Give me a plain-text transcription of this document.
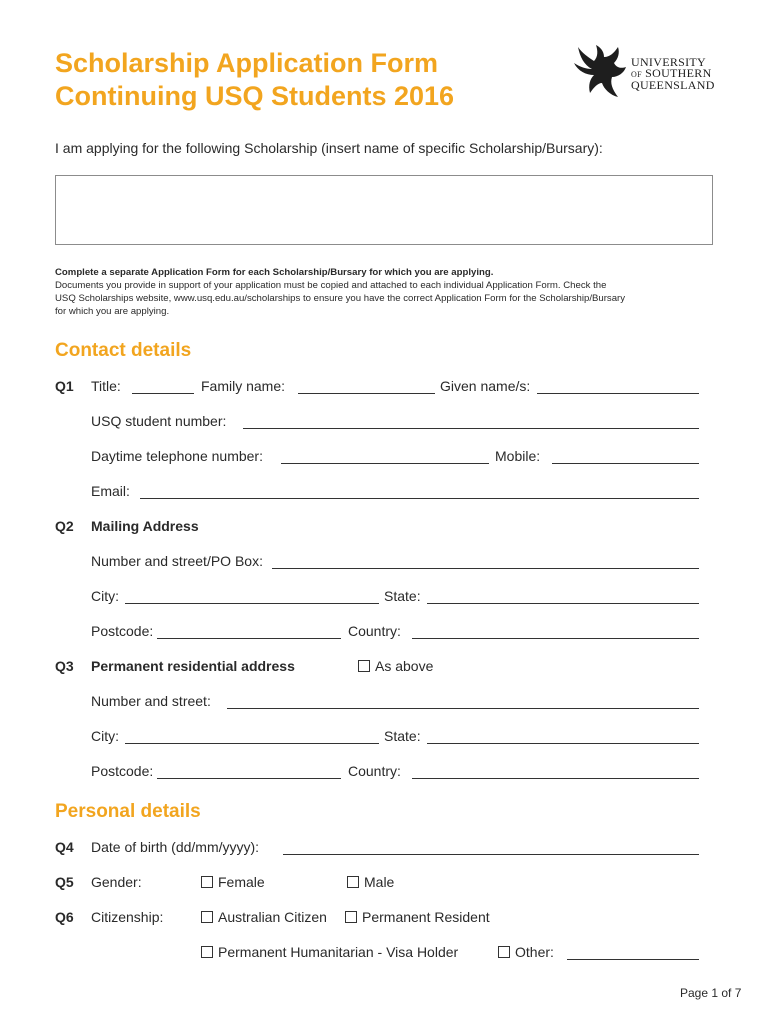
Scholarship Application Form
Continuing USQ Students 2016
UNIVERSITY
OF SOUTHERN
QUEENSLAND
I am applying for the following Scholarship (insert name of specific Scholarship/Bursary):
Complete a separate Application Form for each Scholarship/Bursary for which you are applying.
Documents you provide in support of your application must be copied and attached to each individual Application Form. Check the
USQ Scholarships website, www.usq.edu.au/scholarships to ensure you have the correct Application Form for the Scholarship/Bursary
for which you are applying.
Contact details
Q1 Title:	Family name:	Given name/s:
USQ student number:
Daytime telephone number:	Mobile:
Email:
Q2 Mailing Address
Number and street/PO Box:
City:	State:
Postcode:	Country:
Q3 Permanent residential address	As above
Number and street:
City:	State:
Postcode:	Country:
Personal details
Q4 Date of birth (dd/mm/yyyy):
Q5 Gender:	Female	Male
Q6 Citizenship:	Australian Citizen	Permanent Resident
Permanent Humanitarian - Visa Holder	Other:
Page 1 of 7
